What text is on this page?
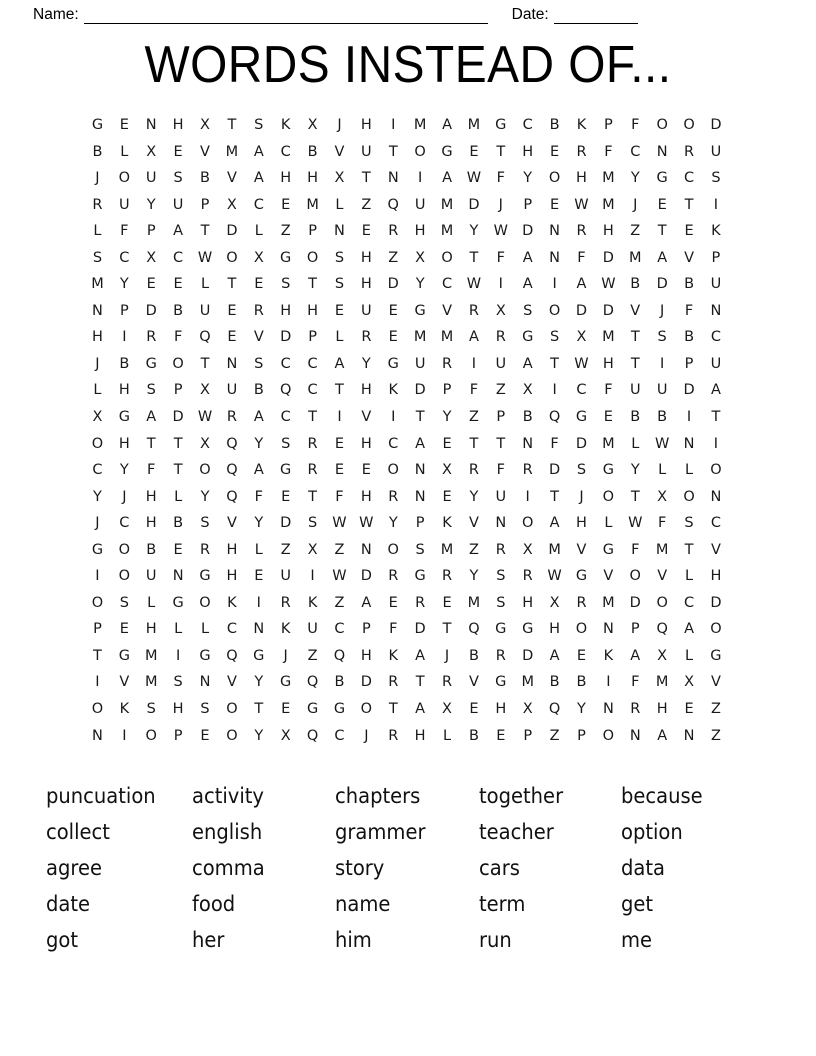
Name:	Date:
WORDS INSTEAD OF...
G	E	N	H	X	T	S	K	X	J	H	I	M	A	M	G	C	B	K	P	F	O	O	D
B	L	X	E	V	M	A	C	B	V	U	T	O	G	E	T	H	E	R	F	C	N	R	U
J	O	U	S	B	V	A	H	H	X	T	N	I	A	W	F	Y	O	H	M	Y	G	C	S
R	U	Y	U	P	X	C	E	M	L	Z	Q	U	M	D	J	P	E	W M	J	E	T	I
L	F	P	A	T	D	L	Z	P	N	E	R	H	M	Y	W D	N	R	H	Z	T	E	K
S	C	X	C	W O	X	G	O	S	H	Z	X	O	T	F	A	N	F	D	M	A	V	P
M	Y	E	E	L	T	E	S	T	S	H	D	Y	C	W	I	A	I	A	W	B	D	B	U
N	P	D	B	U	E	R	H	H	E	U	E	G	V	R	X	S	O	D	D	V	J	F	N
H	I	R	F	Q	E	V	D	P	L	R	E	M M	A	R	G	S	X	M	T	S	B	C
J	B	G	O	T	N	S	C	C	A	Y	G	U	R	I	U	A	T	W H	T	I	P	U
L	H	S	P	X	U	B	Q	C	T	H	K	D	P	F	Z	X	I	C	F	U	U	D	A
X	G	A	D W	R	A	C	T	I	V	I	T	Y	Z	P	B	Q	G	E	B	B	I	T
O	H	T	T	X	Q	Y	S	R	E	H	C	A	E	T	T	N	F	D	M	L	W N	I
C	Y	F	T	O	Q	A	G	R	E	E	O	N	X	R	F	R	D	S	G	Y	L	L	O
Y	J	H	L	Y	Q	F	E	T	F	H	R	N	E	Y	U	I	T	J	O	T	X	O	N
J	C	H	B	S	V	Y	D	S	W W	Y	P	K	V	N	O	A	H	L	W	F	S	C
G	O	B	E	R	H	L	Z	X	Z	N	O	S	M	Z	R	X	M	V	G	F	M	T	V
I	O	U	N	G	H	E	U	I	W D	R	G	R	Y	S	R	W G	V	O	V	L	H
O	S	L	G	O	K	I	R	K	Z	A	E	R	E	M	S	H	X	R	M	D	O	C	D
P	E	H	L	L	C	N	K	U	C	P	F	D	T	Q	G	G	H	O	N	P	Q	A	O
T	G	M	I	G	Q	G	J	Z	Q	H	K	A	J	B	R	D	A	E	K	A	X	L	G
I	V	M	S	N	V	Y	G	Q	B	D	R	T	R	V	G	M	B	B	I	F	M	X	V
O	K	S	H	S	O	T	E	G	G	O	T	A	X	E	H	X	Q	Y	N	R	H	E	Z
N	I	O	P	E	O	Y	X	Q	C	J	R	H	L	B	E	P	Z	P	O	N	A	N	Z
puncuation	activity	chapters	together	because
collect	english	grammer	teacher	option
agree	comma	story	cars	data
date	food	name	term	get
got	her	him	run	me
